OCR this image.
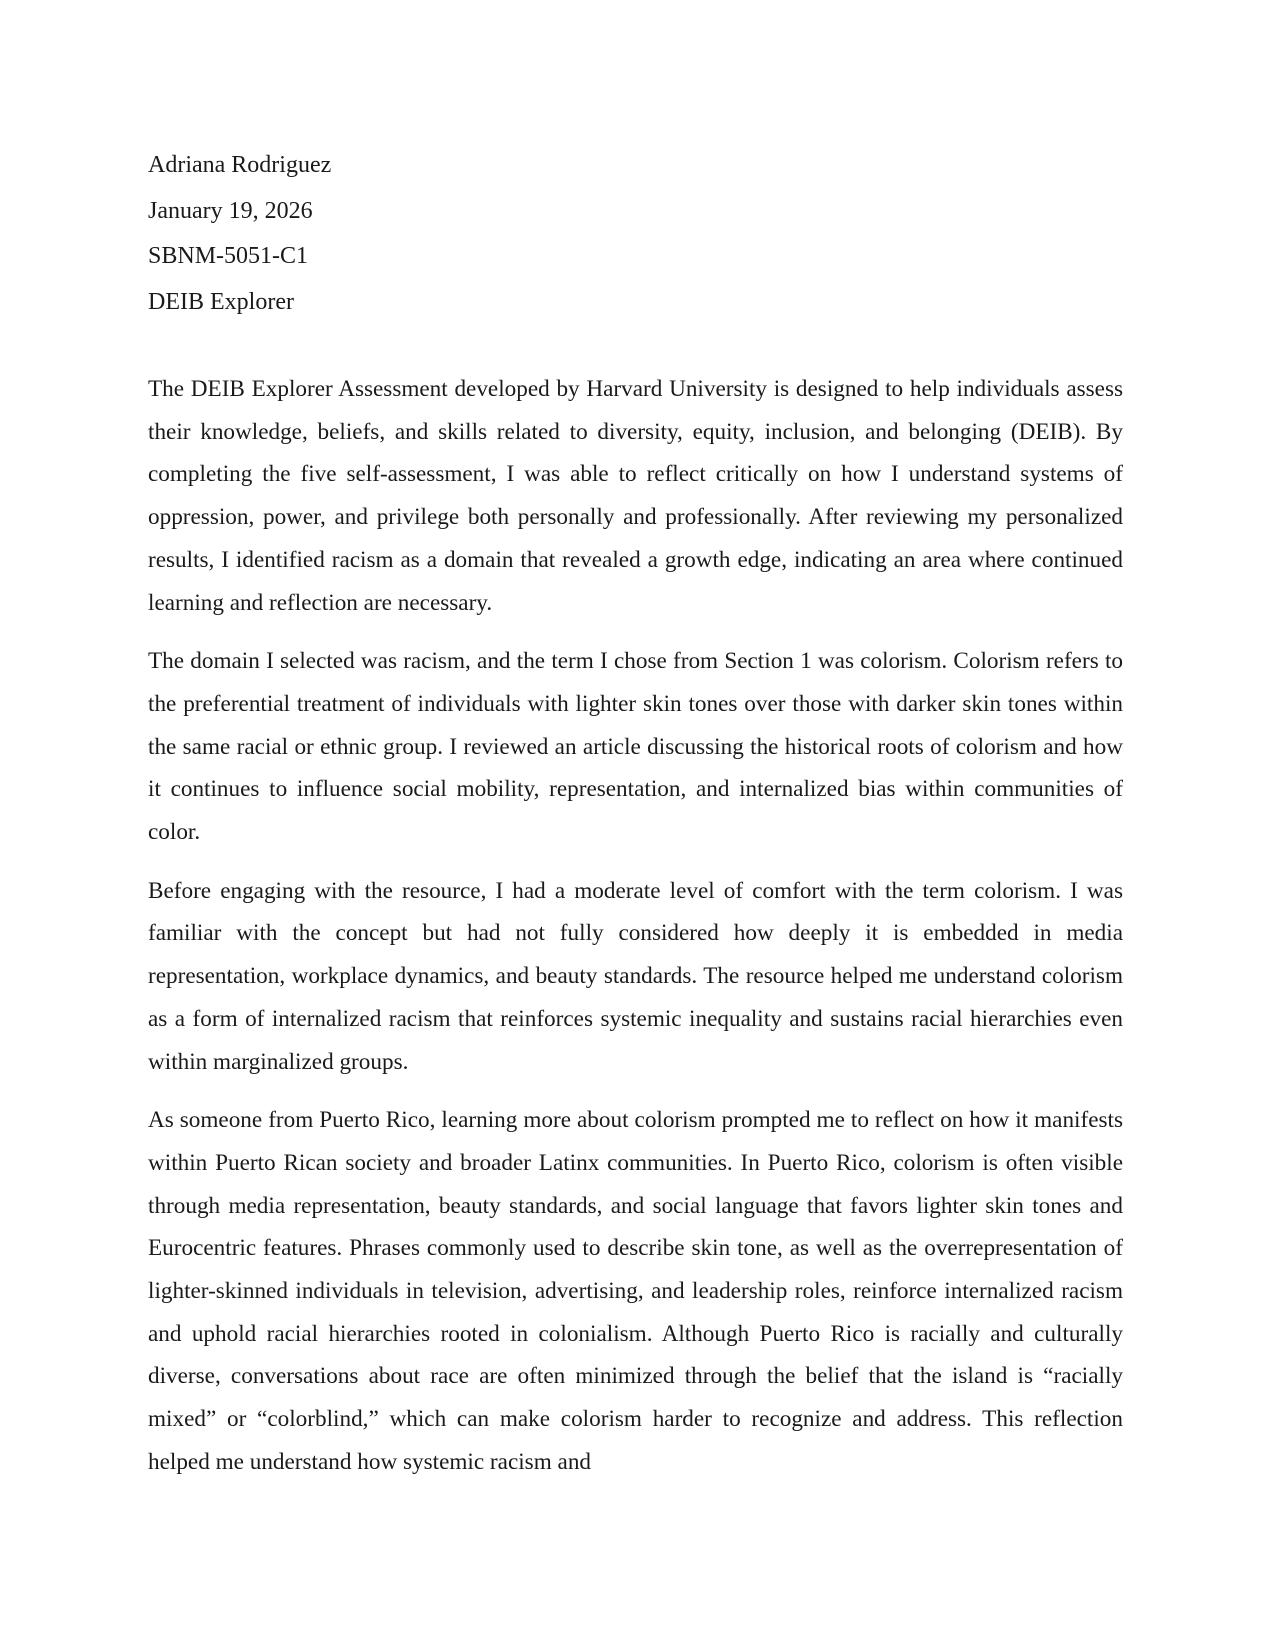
Adriana Rodriguez
January 19, 2026
SBNM-5051-C1
DEIB Explorer

The DEIB Explorer Assessment developed by Harvard University is designed to help individuals assess their knowledge, beliefs, and skills related to diversity, equity, inclusion, and belonging (DEIB). By completing the five self-assessment, I was able to reflect critically on how I understand systems of oppression, power, and privilege both personally and professionally. After reviewing my personalized results, I identified racism as a domain that revealed a growth edge, indicating an area where continued learning and reflection are necessary.

The domain I selected was racism, and the term I chose from Section 1 was colorism. Colorism refers to the preferential treatment of individuals with lighter skin tones over those with darker skin tones within the same racial or ethnic group. I reviewed an article discussing the historical roots of colorism and how it continues to influence social mobility, representation, and internalized bias within communities of color.

Before engaging with the resource, I had a moderate level of comfort with the term colorism. I was familiar with the concept but had not fully considered how deeply it is embedded in media representation, workplace dynamics, and beauty standards. The resource helped me understand colorism as a form of internalized racism that reinforces systemic inequality and sustains racial hierarchies even within marginalized groups.

As someone from Puerto Rico, learning more about colorism prompted me to reflect on how it manifests within Puerto Rican society and broader Latinx communities. In Puerto Rico, colorism is often visible through media representation, beauty standards, and social language that favors lighter skin tones and Eurocentric features. Phrases commonly used to describe skin tone, as well as the overrepresentation of lighter-skinned individuals in television, advertising, and leadership roles, reinforce internalized racism and uphold racial hierarchies rooted in colonialism. Although Puerto Rico is racially and culturally diverse, conversations about race are often minimized through the belief that the island is “racially mixed” or “colorblind,” which can make colorism harder to recognize and address. This reflection helped me understand how systemic racism and
